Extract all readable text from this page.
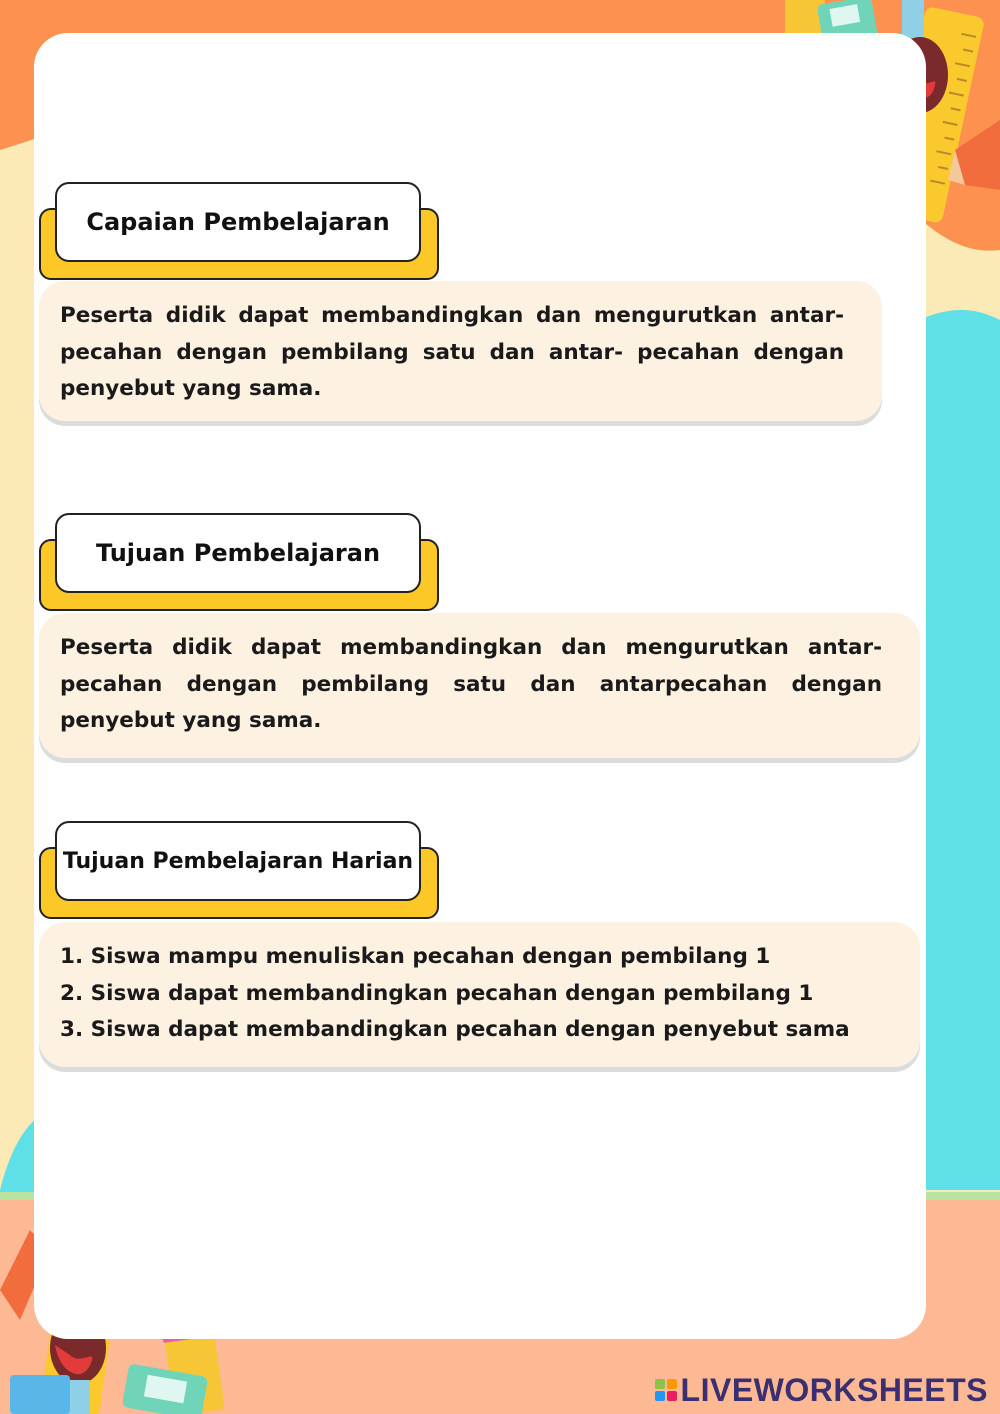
Capaian Pembelajaran
Peserta didik dapat membandingkan dan mengurutkan antar-pecahan dengan pembilang satu dan antar- pecahan dengan penyebut yang sama.
Tujuan Pembelajaran
Peserta didik dapat membandingkan dan mengurutkan antar-pecahan dengan pembilang satu dan antarpecahan dengan penyebut yang sama.
Tujuan Pembelajaran Harian
1. Siswa mampu menuliskan pecahan dengan pembilang 1
2. Siswa dapat membandingkan pecahan dengan pembilang 1
3. Siswa dapat membandingkan pecahan dengan penyebut sama
LIVEWORKSHEETS
